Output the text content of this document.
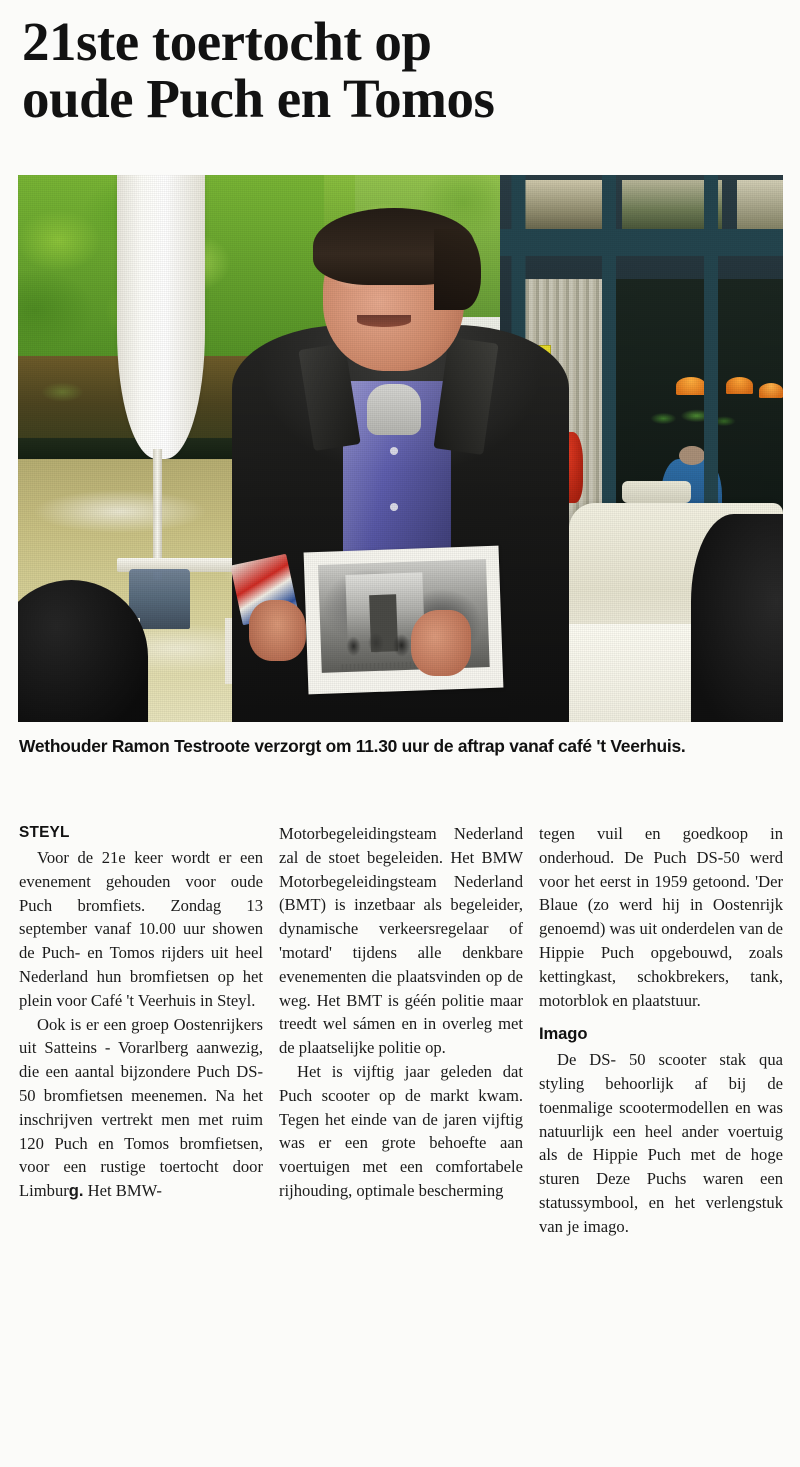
21ste toertocht op
oude Puch en Tomos
Wethouder Ramon Testroote verzorgt om 11.30 uur de aftrap vanaf café 't Veerhuis.
STEYL

Voor de 21e keer wordt er een evenement gehouden voor oude Puch bromfiets. Zondag 13 september vanaf 10.00 uur showen de Puch- en Tomos rijders uit heel Nederland hun bromfietsen op het plein voor Café 't Veerhuis in Steyl.

Ook is er een groep Oostenrijkers uit Satteins - Vorarlberg aanwezig, die een aantal bijzondere Puch DS-50 bromfietsen meenemen. Na het inschrijven vertrekt men met ruim 120 Puch en Tomos bromfietsen, voor een rustige toertocht door Limburg. Het BMW-

Motorbegeleidingsteam Nederland zal de stoet begeleiden. Het BMW Motorbegeleidingsteam Nederland (BMT) is inzetbaar als begeleider, dynamische verkeersregelaar of 'motard' tijdens alle denkbare evenementen die plaatsvinden op de weg. Het BMT is géén politie maar treedt wel sámen en in overleg met de plaatselijke politie op.

Het is vijftig jaar geleden dat Puch scooter op de markt kwam. Tegen het einde van de jaren vijftig was er een grote behoefte aan voertuigen met een comfortabele rijhouding, optimale bescherming

tegen vuil en goedkoop in onderhoud. De Puch DS-50 werd voor het eerst in 1959 getoond. 'Der Blaue (zo werd hij in Oostenrijk genoemd) was uit onderdelen van de Hippie Puch opgebouwd, zoals kettingkast, schokbrekers, tank, motorblok en plaatstuur.

Imago

De DS- 50 scooter stak qua styling behoorlijk af bij de toenmalige scootermodellen en was natuurlijk een heel ander voertuig als de Hippie Puch met de hoge sturen Deze Puchs waren een statussymbool, en het verlengstuk van je imago.
